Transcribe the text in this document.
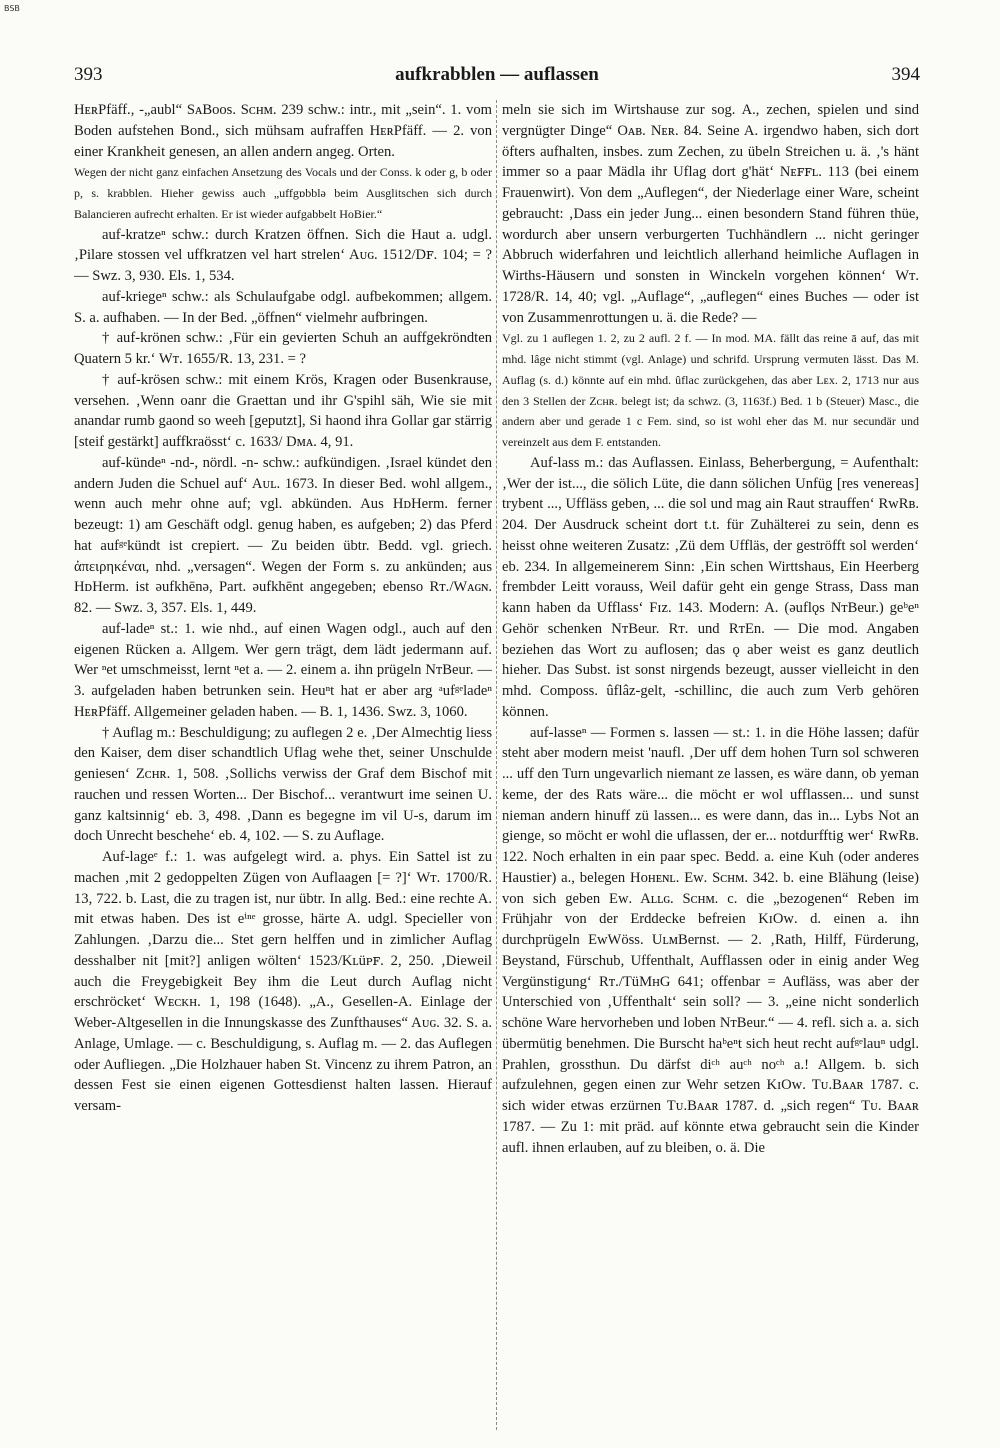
BSB
393	aufkrabblen — auflassen	394

HᴇʀPfäff., -„aubl“ SᴀBoos. Sᴄʜᴍ. 239 schw.: intr., mit „sein“. 1. vom Boden aufstehen Bond., sich mühsam aufraffen HᴇʀPfäff. — 2. von einer Krankheit genesen, an allen andern angeg. Orten.

Wegen der nicht ganz einfachen Ansetzung des Vocals und der Conss. k oder g, b oder p, s. krabblen. Hieher gewiss auch „uffgɒbblə beim Ausglitschen sich durch Balancieren aufrecht erhalten. Er ist wieder aufgabbelt HoBier.“

auf-kratzeⁿ schw.: durch Kratzen öffnen. Sich die Haut a. udgl. ‚Pilare stossen vel uffkratzen vel hart strelen‘ Aᴜɢ. 1512/Dꜰ. 104; = ? — Swz. 3, 930. Els. 1, 534.

auf-kriegeⁿ schw.: als Schulaufgabe odgl. aufbekommen; allgem. S. a. aufhaben. — In der Bed. „öffnen“ vielmehr aufbringen.

† auf-krönen schw.: ‚Für ein gevierten Schuh an auffgekröndten Quatern 5 kr.‘ Wᴛ. 1655/R. 13, 231. = ?

† auf-krösen schw.: mit einem Krös, Kragen oder Busenkrause, versehen. ‚Wenn oanr die Graettan und ihr G'spihl säh, Wie sie mit anandar rumb gaond so weeh [geputzt], Si haond ihra Gollar gar stärrig [steif gestärkt] auffkraösst‘ c. 1633/ Dᴍᴀ. 4, 91.

auf-kündeⁿ -nd-, nördl. -n- schw.: aufkündigen. ‚Israel kündet den andern Juden die Schuel auf‘ Aᴜʟ. 1673. In dieser Bed. wohl allgem., wenn auch mehr ohne auf; vgl. abkünden. Aus HᴅHerm. ferner bezeugt: 1) am Geschäft odgl. genug haben, es aufgeben; 2) das Pferd hat aufᵍᵉkündt ist crepiert. — Zu beiden übtr. Bedd. vgl. griech. ἀπειρηκέναι, nhd. „versagen“. Wegen der Form s. zu ankünden; aus HᴅHerm. ist əufkhēnə, Part. əufkhēnt angegeben; ebenso Rᴛ./Wᴀɢɴ. 82. — Swz. 3, 357. Els. 1, 449.

auf-ladeⁿ st.: 1. wie nhd., auf einen Wagen odgl., auch auf den eigenen Rücken a. Allgem. Wer gern trägt, dem lädt jedermann auf. Wer ⁿet umschmeisst, lernt ⁿet a. — 2. einem a. ihn prügeln NᴛBeur. — 3. aufgeladen haben betrunken sein. Heuⁿt hat er aber arg ᵃufᵍᵉladeⁿ HᴇʀPfäff. Allgemeiner geladen haben. — B. 1, 1436. Swz. 3, 1060.

† Auflag m.: Beschuldigung; zu auflegen 2 e. ‚Der Almechtig liess den Kaiser, dem diser schandtlich Uflag wehe thet, seiner Unschulde geniesen‘ Zᴄʜʀ. 1, 508. ‚Sollichs verwiss der Graf dem Bischof mit rauchen und ressen Worten... Der Bischof... verantwurt ime seinen U. ganz kaltsinnig‘ eb. 3, 498. ‚Dann es begegne im vil U-s, darum im doch Unrecht beschehe‘ eb. 4, 102. — S. zu Auflage.

Auf-lageᵉ f.: 1. was aufgelegt wird. a. phys. Ein Sattel ist zu machen ‚mit 2 gedoppelten Zügen von Auflaagen [= ?]‘ Wᴛ. 1700/R. 13, 722. b. Last, die zu tragen ist, nur übtr. In allg. Bed.: eine rechte A. mit etwas haben. Des ist eⁱⁿᵉ grosse, härte A. udgl. Specieller von Zahlungen. ‚Darzu die... Stet gern helffen und in zimlicher Auflag desshalber nit [mit?] anligen wölten‘ 1523/Kʟüᴘꜰ. 2, 250. ‚Dieweil auch die Freygebigkeit Bey ihm die Leut durch Auflag nicht erschröcket‘ Wᴇᴄᴋʜ. 1, 198 (1648). „A., Gesellen-A. Einlage der Weber-Altgesellen in die Innungskasse des Zunfthauses“ Aᴜɢ. 32. S. a. Anlage, Umlage. — c. Beschuldigung, s. Auflag m. — 2. das Auflegen oder Aufliegen. „Die Holzhauer haben St. Vincenz zu ihrem Patron, an dessen Fest sie einen eigenen Gottesdienst halten lassen. Hierauf versam-

meln sie sich im Wirtshause zur sog. A., zechen, spielen und sind vergnügter Dinge“ Oᴀʙ. Nᴇʀ. 84. Seine A. irgendwo haben, sich dort öfters aufhalten, insbes. zum Zechen, zu übeln Streichen u. ä. ‚'s hänt immer so a paar Mädla ihr Uflag dort g'hät‘ Nᴇꜰꜰʟ. 113 (bei einem Frauenwirt). Von dem „Auflegen“, der Niederlage einer Ware, scheint gebraucht: ‚Dass ein jeder Jung... einen besondern Stand führen thüe, wordurch aber unsern verburgerten Tuchhändlern ... nicht geringer Abbruch widerfahren und leichtlich allerhand heimliche Auflagen in Wirths-Häusern und sonsten in Winckeln vorgehen können‘ Wᴛ. 1728/R. 14, 40; vgl. „Auflage“, „auflegen“ eines Buches — oder ist von Zusammenrottungen u. ä. die Rede? —

Vgl. zu 1 auflegen 1. 2, zu 2 aufl. 2 f. — In mod. MA. fällt das reine ā auf, das mit mhd. lâge nicht stimmt (vgl. Anlage) und schrifd. Ursprung vermuten lässt. Das M. Auflag (s. d.) könnte auf ein mhd. ûflac zurückgehen, das aber Lᴇx. 2, 1713 nur aus den 3 Stellen der Zᴄʜʀ. belegt ist; da schwz. (3, 1163f.) Bed. 1 b (Steuer) Masc., die andern aber und gerade 1 c Fem. sind, so ist wohl eher das M. nur secundär und vereinzelt aus dem F. entstanden.

Auf-lass m.: das Auflassen. Einlass, Beherbergung, = Aufenthalt: ‚Wer der ist..., die sölich Lüte, die dann sölichen Unfüg [res venereas] trybent ..., Uffläss geben, ... die sol und mag ain Raut strauffen‘ RᴡRʙ. 204. Der Ausdruck scheint dort t.t. für Zuhälterei zu sein, denn es heisst ohne weiteren Zusatz: ‚Zü dem Uffläs, der geströfft sol werden‘ eb. 234. In allgemeinerem Sinn: ‚Ein schen Wirttshaus, Ein Heerberg frembder Leitt vorauss, Weil dafür geht ein genge Strass, Dass man kann haben da Ufflass‘ Fɪᴢ. 143. Modern: A. (əuflǫs NᴛBeur.) geᵇeⁿ Gehör schenken NᴛBeur. Rᴛ. und RᴛEn. — Die mod. Angaben beziehen das Wort zu auflosen; das ǫ aber weist es ganz deutlich hieher. Das Subst. ist sonst nirgends bezeugt, ausser vielleicht in den mhd. Composs. ûflâz-gelt, -schillinc, die auch zum Verb gehören können.

auf-lasseⁿ — Formen s. lassen — st.: 1. in die Höhe lassen; dafür steht aber modern meist 'naufl. ‚Der uff dem hohen Turn sol schweren ... uff den Turn ungevarlich niemant ze lassen, es wäre dann, ob yeman keme, der des Rats wäre... die möcht er wol ufflassen... und sunst nieman andern hinuff zü lassen... es were dann, das in... Lybs Not an gienge, so möcht er wohl die uflassen, der er... notdurfftig wer‘ RᴡRʙ. 122. Noch erhalten in ein paar spec. Bedd. a. eine Kuh (oder anderes Haustier) a., belegen Hᴏʜᴇɴʟ. Eᴡ. Sᴄʜᴍ. 342. b. eine Blähung (leise) von sich geben Eᴡ. Aʟʟɢ. Sᴄʜᴍ. c. die „bezogenen“ Reben im Frühjahr von der Erddecke befreien KɪOᴡ. d. einen a. ihn durchprügeln EᴡWöss. UʟᴍBernst. — 2. ‚Rath, Hilff, Fürderung, Beystand, Fürschub, Uffenthalt, Aufflassen oder in einig ander Weg Vergünstigung‘ Rᴛ./TüMʜG 641; offenbar = Aufläss, was aber der Unterschied von ‚Uffenthalt‘ sein soll? — 3. „eine nicht sonderlich schöne Ware hervorheben und loben NᴛBeur.“ — 4. refl. sich a. a. sich übermütig benehmen. Die Burscht haᵇeⁿt sich heut recht aufᵍᵉlauⁿ udgl. Prahlen, grossthun. Du därfst diᶜʰ auᶜʰ noᶜʰ a.! Allgem. b. sich aufzulehnen, gegen einen zur Wehr setzen KɪOᴡ. Tᴜ.Bᴀᴀʀ 1787. c. sich wider etwas erzürnen Tᴜ.Bᴀᴀʀ 1787. d. „sich regen“ Tᴜ. Bᴀᴀʀ 1787. — Zu 1: mit präd. auf könnte etwa gebraucht sein die Kinder aufl. ihnen erlauben, auf zu bleiben, o. ä. Die
